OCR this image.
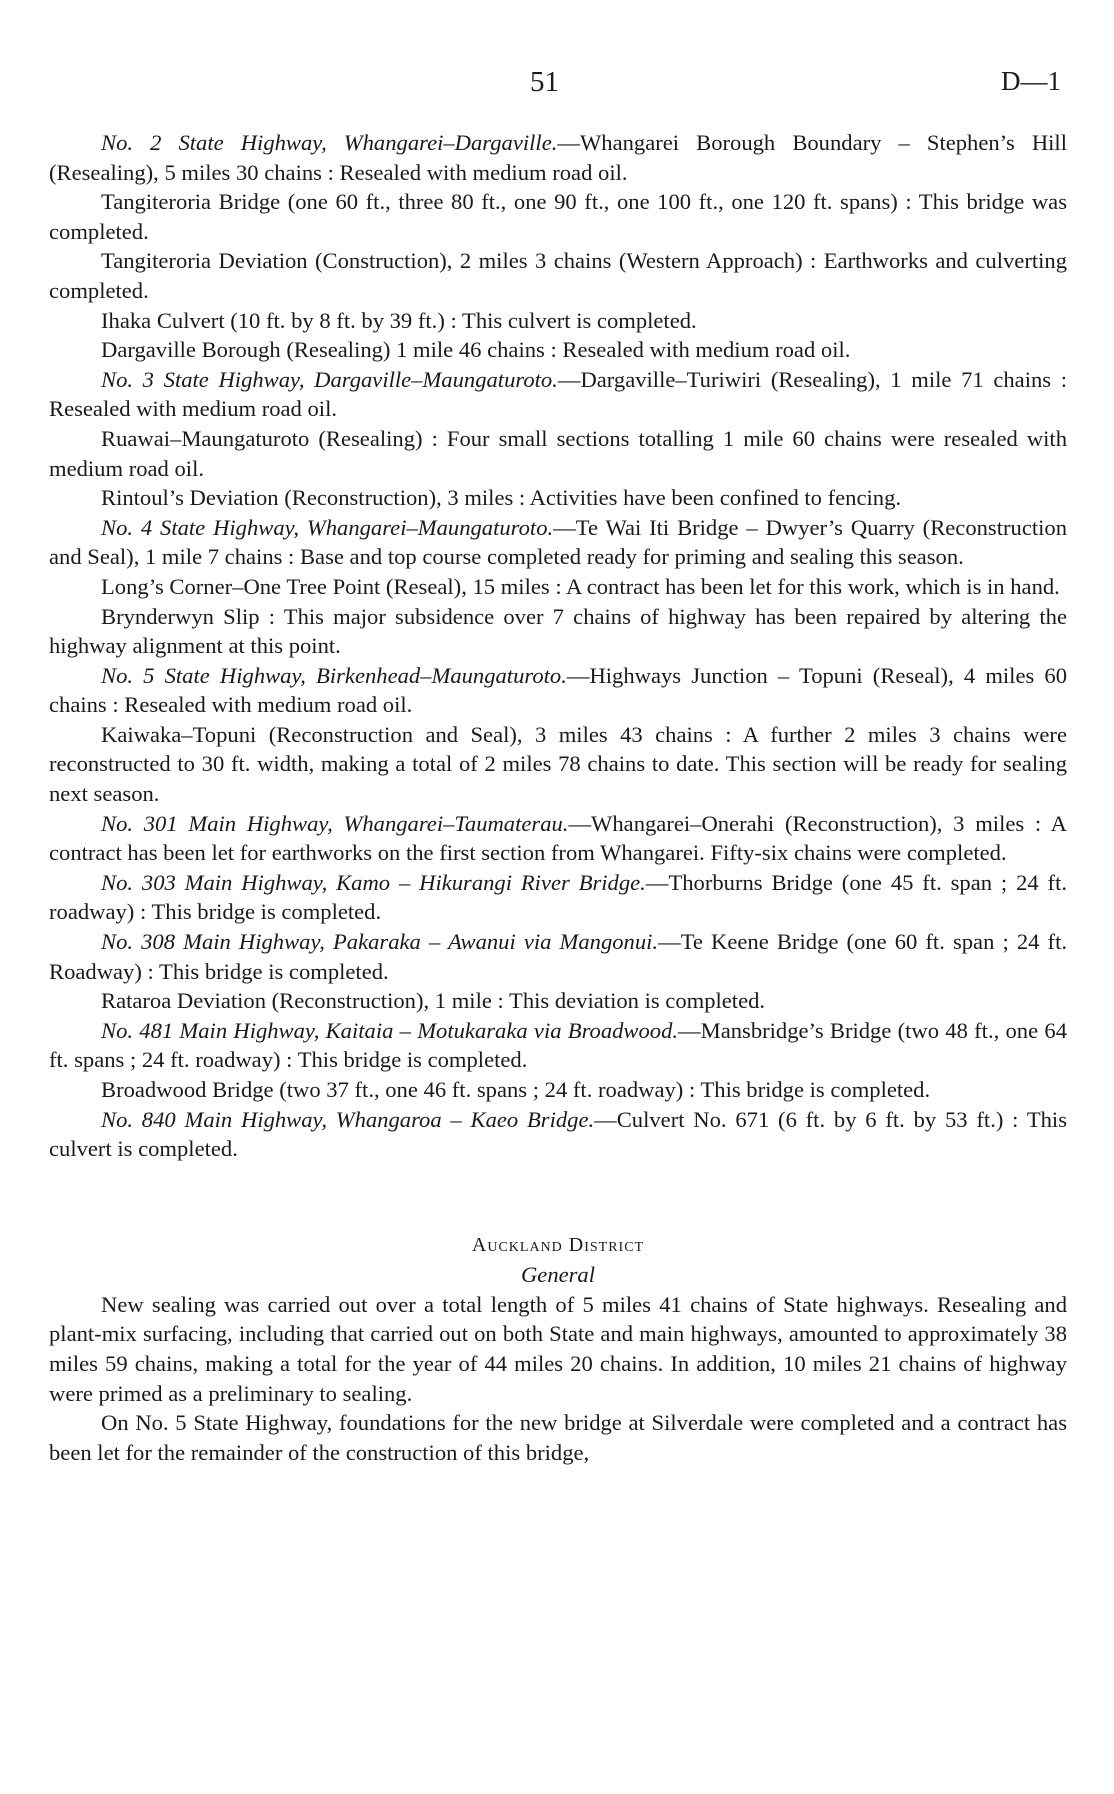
51	D—1

No. 2 State Highway, Whangarei–Dargaville.—Whangarei Borough Boundary – Stephen’s Hill (Resealing), 5 miles 30 chains : Resealed with medium road oil.

Tangiteroria Bridge (one 60 ft., three 80 ft., one 90 ft., one 100 ft., one 120 ft. spans) : This bridge was completed.

Tangiteroria Deviation (Construction), 2 miles 3 chains (Western Approach) : Earthworks and culverting completed.

Ihaka Culvert (10 ft. by 8 ft. by 39 ft.) : This culvert is completed.

Dargaville Borough (Resealing) 1 mile 46 chains : Resealed with medium road oil.

No. 3 State Highway, Dargaville–Maungaturoto.—Dargaville–Turiwiri (Resealing), 1 mile 71 chains : Resealed with medium road oil.

Ruawai–Maungaturoto (Resealing) : Four small sections totalling 1 mile 60 chains were resealed with medium road oil.

Rintoul’s Deviation (Reconstruction), 3 miles : Activities have been confined to fencing.

No. 4 State Highway, Whangarei–Maungaturoto.—Te Wai Iti Bridge – Dwyer’s Quarry (Reconstruction and Seal), 1 mile 7 chains : Base and top course completed ready for priming and sealing this season.

Long’s Corner–One Tree Point (Reseal), 15 miles : A contract has been let for this work, which is in hand.

Brynderwyn Slip : This major subsidence over 7 chains of highway has been repaired by altering the highway alignment at this point.

No. 5 State Highway, Birkenhead–Maungaturoto.—Highways Junction – Topuni (Reseal), 4 miles 60 chains : Resealed with medium road oil.

Kaiwaka–Topuni (Reconstruction and Seal), 3 miles 43 chains : A further 2 miles 3 chains were reconstructed to 30 ft. width, making a total of 2 miles 78 chains to date. This section will be ready for sealing next season.

No. 301 Main Highway, Whangarei–Taumaterau.—Whangarei–Onerahi (Reconstruction), 3 miles : A contract has been let for earthworks on the first section from Whangarei. Fifty-six chains were completed.

No. 303 Main Highway, Kamo – Hikurangi River Bridge.—Thorburns Bridge (one 45 ft. span ; 24 ft. roadway) : This bridge is completed.

No. 308 Main Highway, Pakaraka – Awanui via Mangonui.—Te Keene Bridge (one 60 ft. span ; 24 ft. Roadway) : This bridge is completed.

Rataroa Deviation (Reconstruction), 1 mile : This deviation is completed.

No. 481 Main Highway, Kaitaia – Motukaraka via Broadwood.—Mansbridge’s Bridge (two 48 ft., one 64 ft. spans ; 24 ft. roadway) : This bridge is completed.

Broadwood Bridge (two 37 ft., one 46 ft. spans ; 24 ft. roadway) : This bridge is completed.

No. 840 Main Highway, Whangaroa – Kaeo Bridge.—Culvert No. 671 (6 ft. by 6 ft. by 53 ft.) : This culvert is completed.

Auckland District
General

New sealing was carried out over a total length of 5 miles 41 chains of State highways. Resealing and plant-mix surfacing, including that carried out on both State and main highways, amounted to approximately 38 miles 59 chains, making a total for the year of 44 miles 20 chains. In addition, 10 miles 21 chains of highway were primed as a preliminary to sealing.

On No. 5 State Highway, foundations for the new bridge at Silverdale were completed and a contract has been let for the remainder of the construction of this bridge,
